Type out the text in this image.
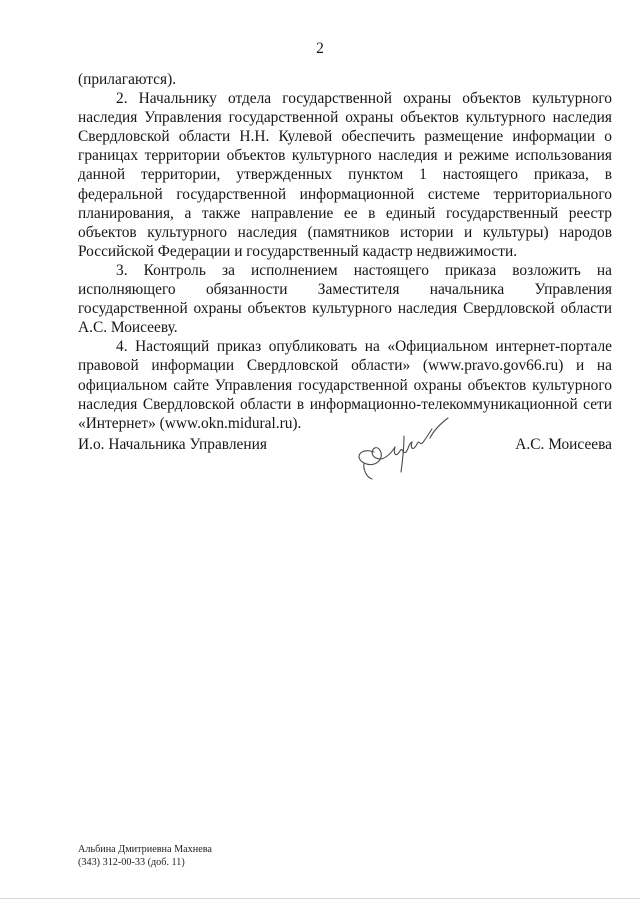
2

(прилагаются).

2. Начальнику отдела государственной охраны объектов культурного наследия Управления государственной охраны объектов культурного наследия Свердловской области Н.Н. Кулевой обеспечить размещение информации о границах территории объектов культурного наследия и режиме использования данной территории, утвержденных пунктом 1 настоящего приказа, в федеральной государственной информационной системе территориального планирования, а также направление ее в единый государственный реестр объектов культурного наследия (памятников истории и культуры) народов Российской Федерации и государственный кадастр недвижимости.

3. Контроль за исполнением настоящего приказа возложить на исполняющего обязанности Заместителя начальника Управления государственной охраны объектов культурного наследия Свердловской области А.С. Моисееву.

4. Настоящий приказ опубликовать на «Официальном интернет-портале правовой информации Свердловской области» (www.pravo.gov66.ru) и на официальном сайте Управления государственной охраны объектов культурного наследия Свердловской области в информационно-телекоммуникационной сети «Интернет» (www.okn.midural.ru).

И.о. Начальника Управления	А.С. Моисеева
Альбина Дмитриевна Махнева
(343) 312-00-33 (доб. 11)
